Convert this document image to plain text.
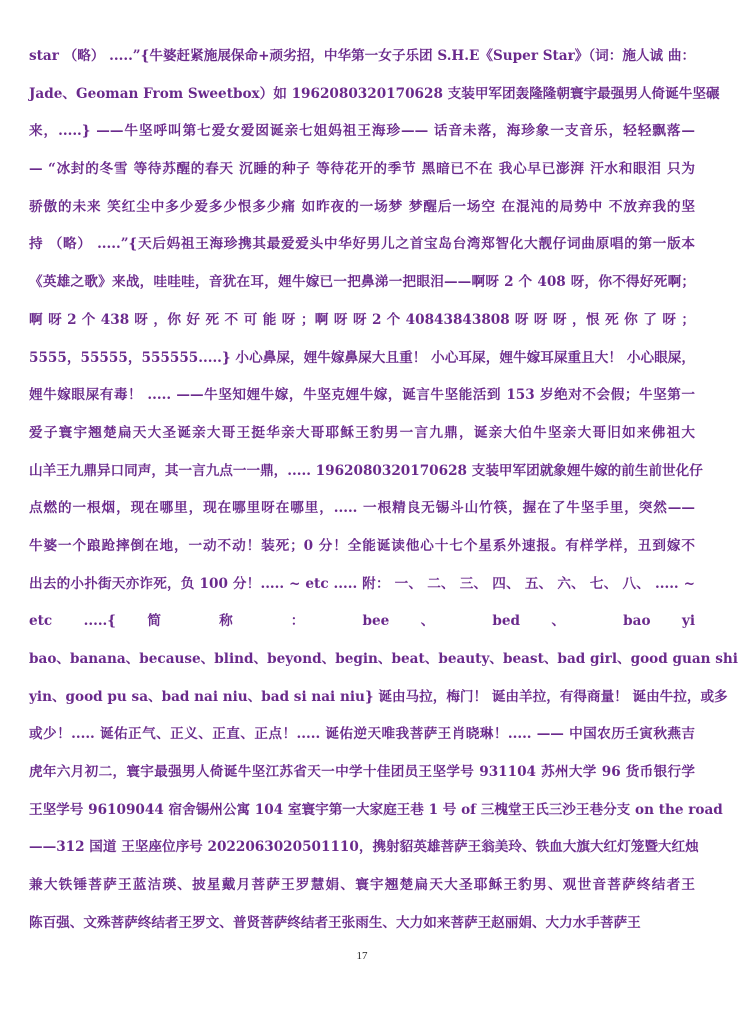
star （略） .....”{牛婆赶紧施展保命+顽劣招，中华第一女子乐团 S.H.E《Super Star》（词：施人诚 曲：
Jade、Geoman From Sweetbox）如 1962080320170628 支装甲军团轰隆隆朝寰宇最强男人倚诞牛坚碾
来，.....} ——牛坚呼叫第七爱女爱囡诞亲七姐妈祖王海珍—— 话音未落，海珍象一支音乐，轻轻飘落—
— “冰封的冬雪 等待苏醒的春天 沉睡的种子 等待花开的季节 黑暗已不在 我心早已澎湃 汗水和眼泪 只为
骄傲的未来 笑红尘中多少爱多少恨多少痛 如昨夜的一场梦 梦醒后一场空 在混沌的局势中 不放弃我的坚
持 （略） .....”{天后妈祖王海珍携其最爱爱头中华好男儿之首宝岛台湾郑智化大靓仔词曲原唱的第一版本
《英雄之歌》来战，哇哇哇，音犹在耳，娌牛嫁已一把鼻涕一把眼泪——啊呀 2 个 408 呀，你不得好死啊；
啊 呀 2 个 438 呀 ，你 好 死 不 可 能 呀 ；啊 呀 呀 2 个 40843843808 呀 呀 呀 ，恨 死 你 了 呀 ；
5555，55555，555555.....} 小心鼻屎，娌牛嫁鼻屎大且重！ 小心耳屎，娌牛嫁耳屎重且大！ 小心眼屎，
娌牛嫁眼屎有毒！ ..... ——牛坚知娌牛嫁，牛坚克娌牛嫁，诞言牛坚能活到 153 岁绝对不会假；牛坚第一
爱子寰宇翘楚扁天大圣诞亲大哥王挺华亲大哥耶稣王豹男一言九鼎，诞亲大伯牛坚亲大哥旧如来佛祖大
山羊王九鼎异口同声，其一言九点一一鼎，..... 1962080320170628 支装甲军团就象娌牛嫁的前生前世化仔
点燃的一根烟，现在哪里，现在哪里呀在哪里，..... 一根精良无锡斗山竹筷，握在了牛坚手里，突然——
牛婆一个踉跄摔倒在地，一动不动！装死；0 分！全能诞读他心十七个星系外速报。有样学样，丑到嫁不
出去的小扑街天亦诈死，负 100 分！..... ~ etc ..... 附： 一、 二、 三、 四、 五、 六、 七、 八、 ..... ~
etc .....{ 简 称 ： bee 、 bed 、 bao yi
bao、banana、because、blind、beyond、begin、beat、beauty、beast、bad girl、good guan shi
yin、good pu sa、bad nai niu、bad si nai niu} 诞由马拉，梅门！ 诞由羊拉，有得商量！ 诞由牛拉，或多
或少！..... 诞佑正气、正义、正直、正点！..... 诞佑逆天唯我菩萨王肖晓琳！..... —— 中国农历壬寅秋燕吉
虎年六月初二，寰宇最强男人倚诞牛坚江苏省天一中学十佳团员王坚学号 931104 苏州大学 96 货币银行学
王坚学号 96109044 宿舍锡州公寓 104 室寰宇第一大家庭王巷 1 号 of 三槐堂王氏三沙王巷分支 on the road
——312 国道 王坚座位序号 2022063020501110，携射貂英雄菩萨王翁美玲、铁血大旗大红灯笼暨大红烛
兼大铁锤菩萨王蓝洁瑛、披星戴月菩萨王罗慧娟、寰宇翘楚扁天大圣耶稣王豹男、观世音菩萨终结者王
陈百强、文殊菩萨终结者王罗文、普贤菩萨终结者王张雨生、大力如来菩萨王赵丽娟、大力水手菩萨王
17
